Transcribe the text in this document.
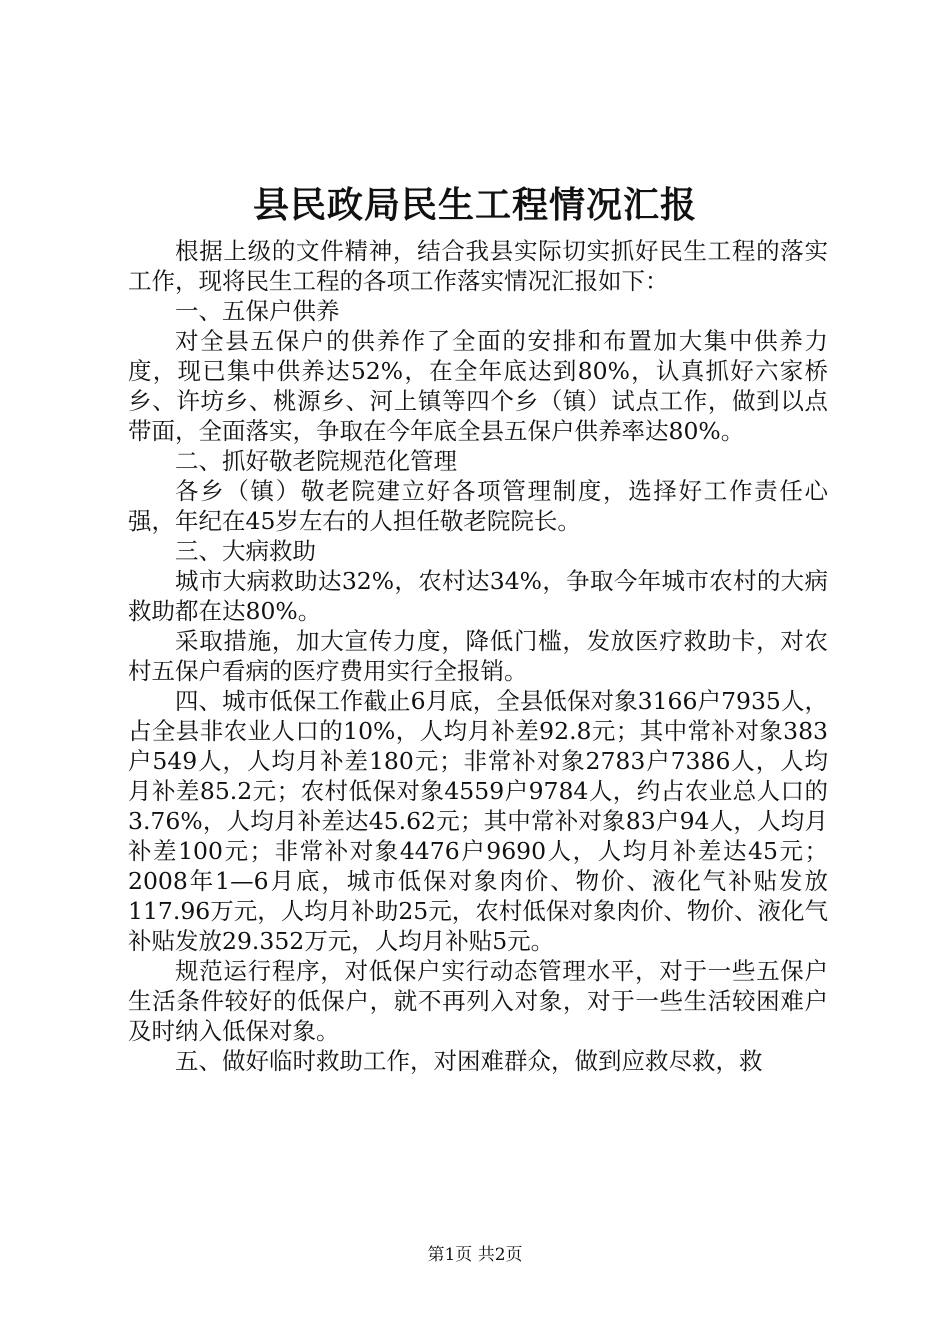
县民政局民生工程情况汇报

根据上级的文件精神，结合我县实际切实抓好民生工程的落实工作，现将民生工程的各项工作落实情况汇报如下：

一、五保户供养

对全县五保户的供养作了全面的安排和布置加大集中供养力度，现已集中供养达52%，在全年底达到80%，认真抓好六家桥乡、许坊乡、桃源乡、河上镇等四个乡（镇）试点工作，做到以点带面，全面落实，争取在今年底全县五保户供养率达80%。

二、抓好敬老院规范化管理

各乡（镇）敬老院建立好各项管理制度，选择好工作责任心强，年纪在45岁左右的人担任敬老院院长。

三、大病救助

城市大病救助达32%，农村达34%，争取今年城市农村的大病救助都在达80%。

采取措施，加大宣传力度，降低门槛，发放医疗救助卡，对农村五保户看病的医疗费用实行全报销。

四、城市低保工作截止6月底，全县低保对象3166户7935人，占全县非农业人口的10%，人均月补差92.8元；其中常补对象383户549人，人均月补差180元；非常补对象2783户7386人，人均月补差85.2元；农村低保对象4559户9784人，约占农业总人口的3.76%，人均月补差达45.62元；其中常补对象83户94人，人均月补差100元；非常补对象4476户9690人，人均月补差达45元；2008年1—6月底，城市低保对象肉价、物价、液化气补贴发放117.96万元，人均月补助25元，农村低保对象肉价、物价、液化气补贴发放29.352万元，人均月补贴5元。

规范运行程序，对低保户实行动态管理水平，对于一些五保户生活条件较好的低保户，就不再列入对象，对于一些生活较困难户及时纳入低保对象。

五、做好临时救助工作，对困难群众，做到应救尽救，救

第1页 共2页
